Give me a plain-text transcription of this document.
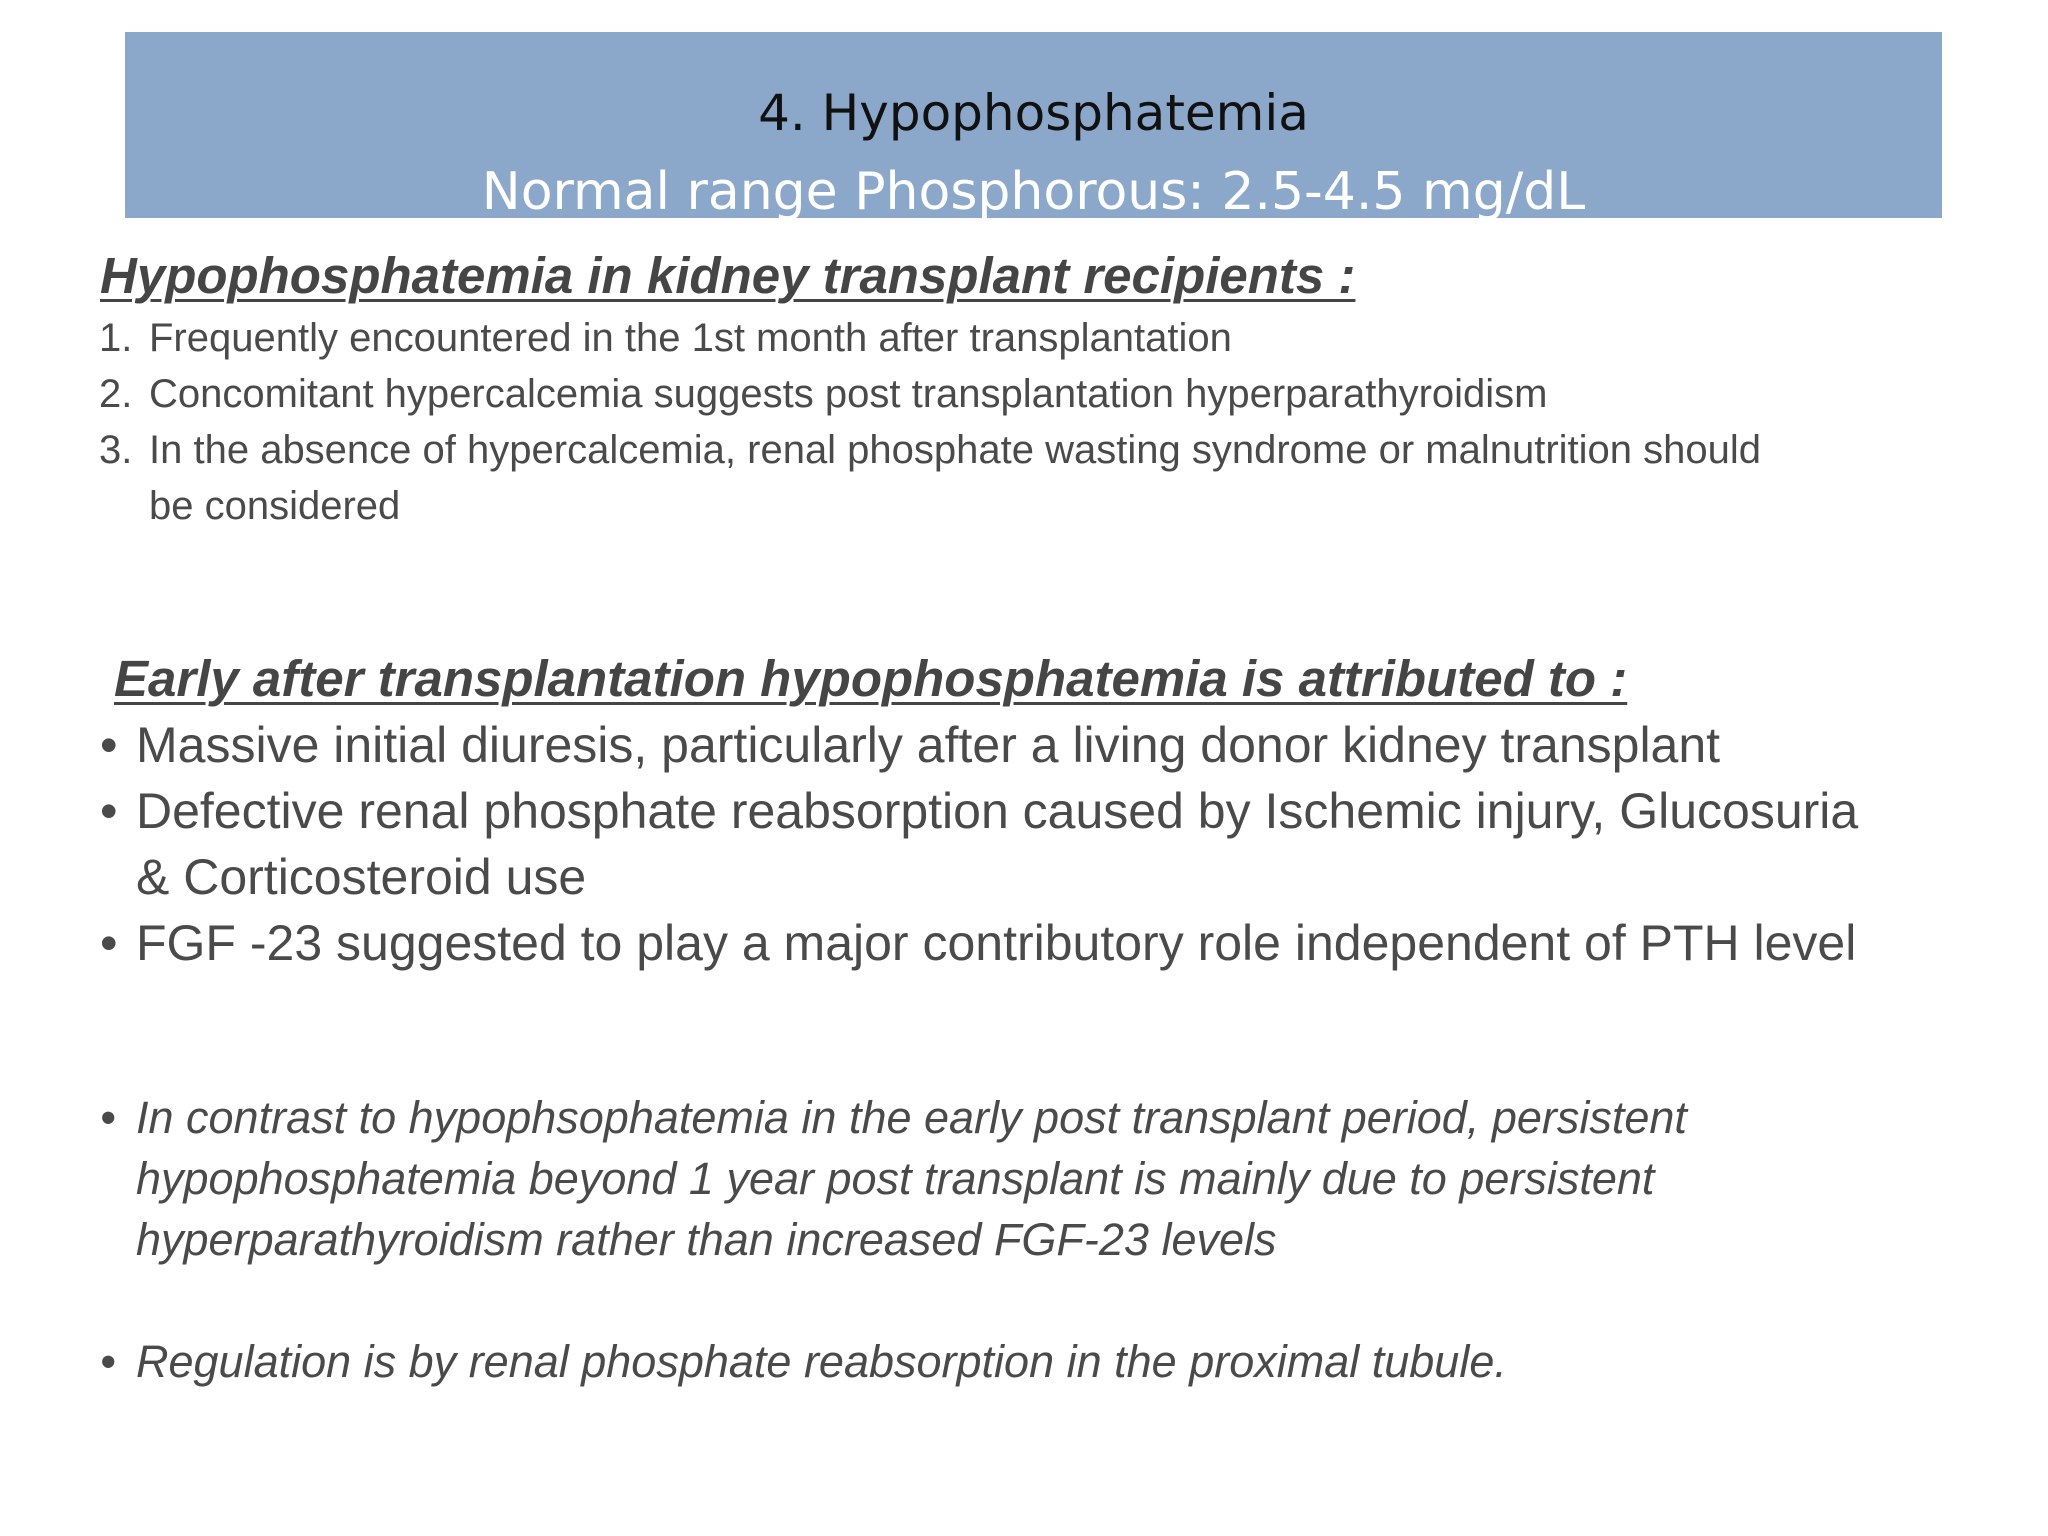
4. Hypophosphatemia
Normal range Phosphorous: 2.5-4.5 mg/dL
Hypophosphatemia in kidney transplant recipients :
1. Frequently encountered in the 1st month after transplantation
2. Concomitant hypercalcemia suggests post transplantation hyperparathyroidism
3. In the absence of hypercalcemia, renal phosphate wasting syndrome or malnutrition should
be considered
Early after transplantation hypophosphatemia is attributed to :
• Massive initial diuresis, particularly after a living donor kidney transplant
• Defective renal phosphate reabsorption caused by Ischemic injury, Glucosuria
& Corticosteroid use
• FGF -23 suggested to play a major contributory role independent of PTH level
• In contrast to hypophsophatemia in the early post transplant period, persistent
hypophosphatemia beyond 1 year post transplant is mainly due to persistent
hyperparathyroidism rather than increased FGF-23 levels
• Regulation is by renal phosphate reabsorption in the proximal tubule.
